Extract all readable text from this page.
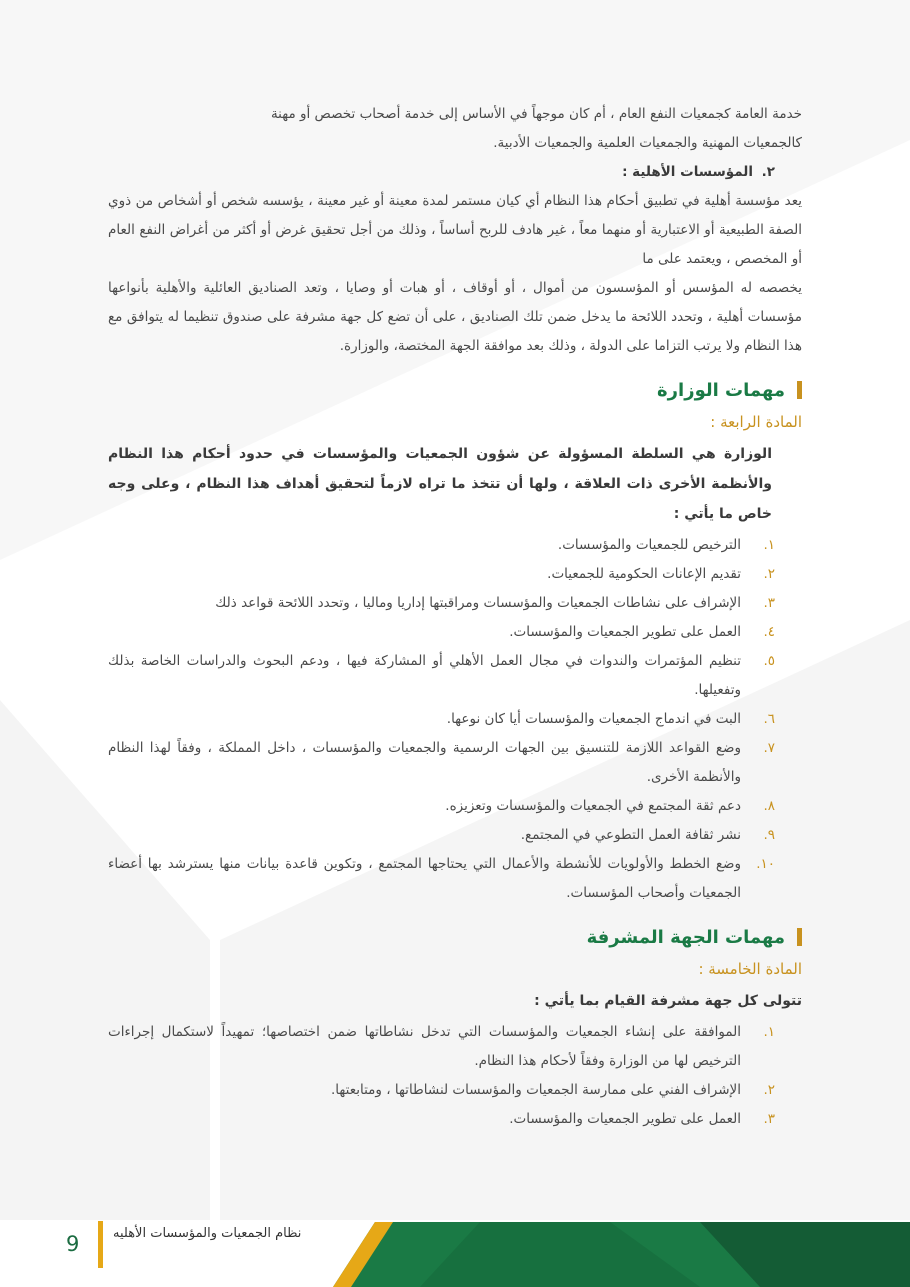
خدمة العامة كجمعيات النفع العام ، أم كان موجهاً في الأساس إلى خدمة أصحاب تخصص أو مهنة

كالجمعيات المهنية والجمعيات العلمية والجمعيات الأدبية.

٢.
المؤسسات الأهلية :

يعد مؤسسة أهلية في تطبيق أحكام هذا النظام أي كيان مستمر لمدة معينة أو غير معينة ، يؤسسه شخص أو أشخاص من ذوي الصفة الطبيعية أو الاعتبارية أو منهما معاً ، غير هادف للربح أساساً ، وذلك من أجل تحقيق غرض أو أكثر من أغراض النفع العام أو المخصص ، ويعتمد على ما

يخصصه له المؤسس أو المؤسسون من أموال ، أو أوقاف ، أو هبات أو وصايا ، وتعد الصناديق العائلية والأهلية بأنواعها مؤسسات أهلية ، وتحدد اللائحة ما يدخل ضمن تلك الصناديق ، على أن تضع كل جهة مشرفة على صندوق تنظيما له يتوافق مع هذا النظام ولا يرتب التزاما على الدولة ، وذلك بعد موافقة الجهة المختصة، والوزارة.

مهمات الوزارة
المادة الرابعة :
الوزارة هي السلطة المسؤولة عن شؤون الجمعيات والمؤسسات في حدود أحكام هذا النظام والأنظمة الأخرى ذات العلاقة ، ولها أن تتخذ ما تراه لازماً لتحقيق أهداف هذا النظام ، وعلى وجه خاص ما يأتي :
١.
الترخيص للجمعيات والمؤسسات.
٢.
تقديم الإعانات الحكومية للجمعيات.
٣.
الإشراف على نشاطات الجمعيات والمؤسسات ومراقبتها إداريا وماليا ، وتحدد اللائحة قواعد ذلك
٤.
العمل على تطوير الجمعيات والمؤسسات.
٥.
تنظيم المؤتمرات والندوات في مجال العمل الأهلي أو المشاركة فيها ، ودعم البحوث والدراسات الخاصة بذلك وتفعيلها.
٦.
البت في اندماج الجمعيات والمؤسسات أيا كان نوعها.
٧.
وضع القواعد اللازمة للتنسيق بين الجهات الرسمية والجمعيات والمؤسسات ، داخل المملكة ، وفقاً لهذا النظام والأنظمة الأخرى.
٨.
دعم ثقة المجتمع في الجمعيات والمؤسسات وتعزيزه.
٩.
نشر ثقافة العمل التطوعي في المجتمع.
١٠.
وضع الخطط والأولويات للأنشطة والأعمال التي يحتاجها المجتمع ، وتكوين قاعدة بيانات منها يسترشد بها أعضاء الجمعيات وأصحاب المؤسسات.
مهمات الجهة المشرفة
المادة الخامسة :
تتولى كل جهة مشرفة القيام بما يأتي :
١.
الموافقة على إنشاء الجمعيات والمؤسسات التي تدخل نشاطاتها ضمن اختصاصها؛ تمهيداً لاستكمال إجراءات الترخيص لها من الوزارة وفقاً لأحكام هذا النظام.
٢.
الإشراف الفني على ممارسة الجمعيات والمؤسسات لنشاطاتها ، ومتابعتها.
٣.
العمل على تطوير الجمعيات والمؤسسات.
نظام الجمعيات والمؤسسات الأهليه
9
